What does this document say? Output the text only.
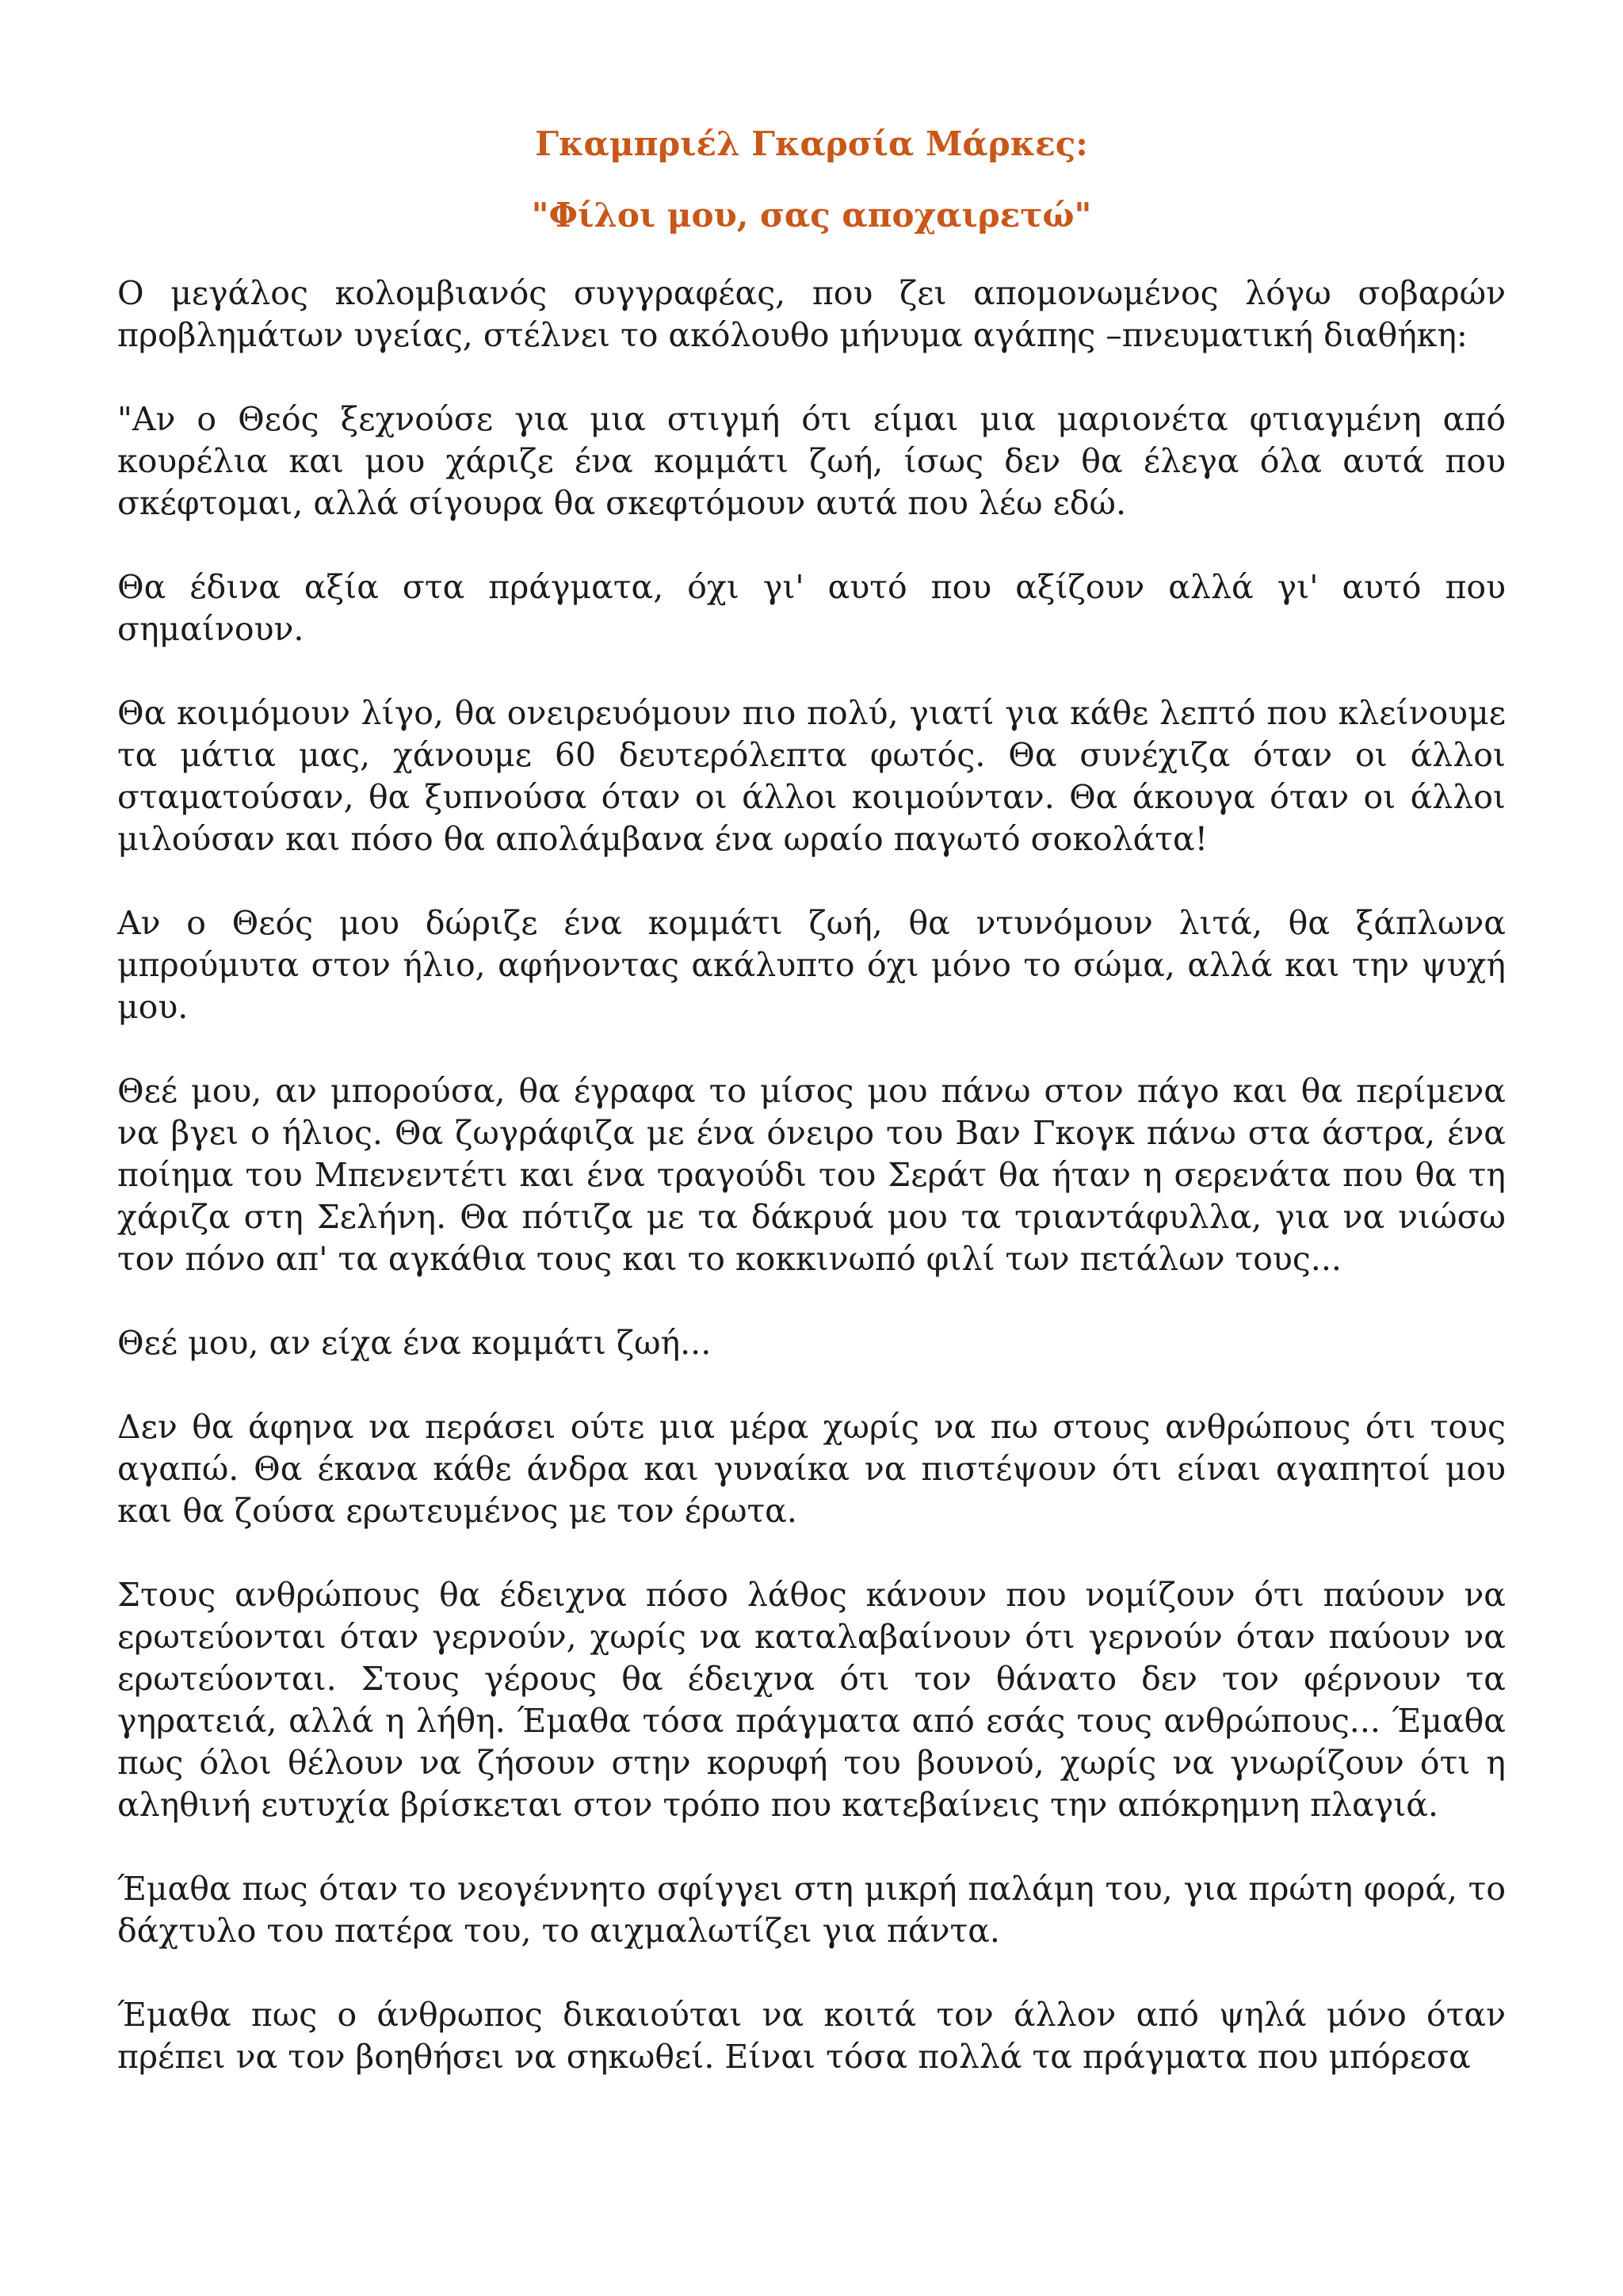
Γκαμπριέλ Γκαρσία Μάρκες:
"Φίλοι μου, σας αποχαιρετώ"

Ο μεγάλος κολομβιανός συγγραφέας, που ζει απομονωμένος λόγω σοβαρών προβλημάτων υγείας, στέλνει το ακόλουθο μήνυμα αγάπης –πνευματική διαθήκη:

"Αν ο Θεός ξεχνούσε για μια στιγμή ότι είμαι μια μαριονέτα φτιαγμένη από κουρέλια και μου χάριζε ένα κομμάτι ζωή, ίσως δεν θα έλεγα όλα αυτά που σκέφτομαι, αλλά σίγουρα θα σκεφτόμουν αυτά που λέω εδώ.

Θα έδινα αξία στα πράγματα, όχι γι' αυτό που αξίζουν αλλά γι' αυτό που σημαίνουν.

Θα κοιμόμουν λίγο, θα ονειρευόμουν πιο πολύ, γιατί για κάθε λεπτό που κλείνουμε τα μάτια μας, χάνουμε 60 δευτερόλεπτα φωτός. Θα συνέχιζα όταν οι άλλοι σταματούσαν, θα ξυπνούσα όταν οι άλλοι κοιμούνταν. Θα άκουγα όταν οι άλλοι μιλούσαν και πόσο θα απολάμβανα ένα ωραίο παγωτό σοκολάτα!

Αν ο Θεός μου δώριζε ένα κομμάτι ζωή, θα ντυνόμουν λιτά, θα ξάπλωνα μπρούμυτα στον ήλιο, αφήνοντας ακάλυπτο όχι μόνο το σώμα, αλλά και την ψυχή μου.

Θεέ μου, αν μπορούσα, θα έγραφα το μίσος μου πάνω στον πάγο και θα περίμενα να βγει ο ήλιος. Θα ζωγράφιζα με ένα όνειρο του Βαν Γκογκ πάνω στα άστρα, ένα ποίημα του Μπενεντέτι και ένα τραγούδι του Σεράτ θα ήταν η σερενάτα που θα τη χάριζα στη Σελήνη. Θα πότιζα με τα δάκρυά μου τα τριαντάφυλλα, για να νιώσω τον πόνο απ' τα αγκάθια τους και το κοκκινωπό φιλί των πετάλων τους...

Θεέ μου, αν είχα ένα κομμάτι ζωή...

Δεν θα άφηνα να περάσει ούτε μια μέρα χωρίς να πω στους ανθρώπους ότι τους αγαπώ. Θα έκανα κάθε άνδρα και γυναίκα να πιστέψουν ότι είναι αγαπητοί μου και θα ζούσα ερωτευμένος με τον έρωτα.

Στους ανθρώπους θα έδειχνα πόσο λάθος κάνουν που νομίζουν ότι παύουν να ερωτεύονται όταν γερνούν, χωρίς να καταλαβαίνουν ότι γερνούν όταν παύουν να ερωτεύονται. Στους γέρους θα έδειχνα ότι τον θάνατο δεν τον φέρνουν τα γηρατειά, αλλά η λήθη. Έμαθα τόσα πράγματα από εσάς τους ανθρώπους... Έμαθα πως όλοι θέλουν να ζήσουν στην κορυφή του βουνού, χωρίς να γνωρίζουν ότι η αληθινή ευτυχία βρίσκεται στον τρόπο που κατεβαίνεις την απόκρημνη πλαγιά.

Έμαθα πως όταν το νεογέννητο σφίγγει στη μικρή παλάμη του, για πρώτη φορά, το δάχτυλο του πατέρα του, το αιχμαλωτίζει για πάντα.

Έμαθα πως ο άνθρωπος δικαιούται να κοιτά τον άλλον από ψηλά μόνο όταν πρέπει να τον βοηθήσει να σηκωθεί. Είναι τόσα πολλά τα πράγματα που μπόρεσα
